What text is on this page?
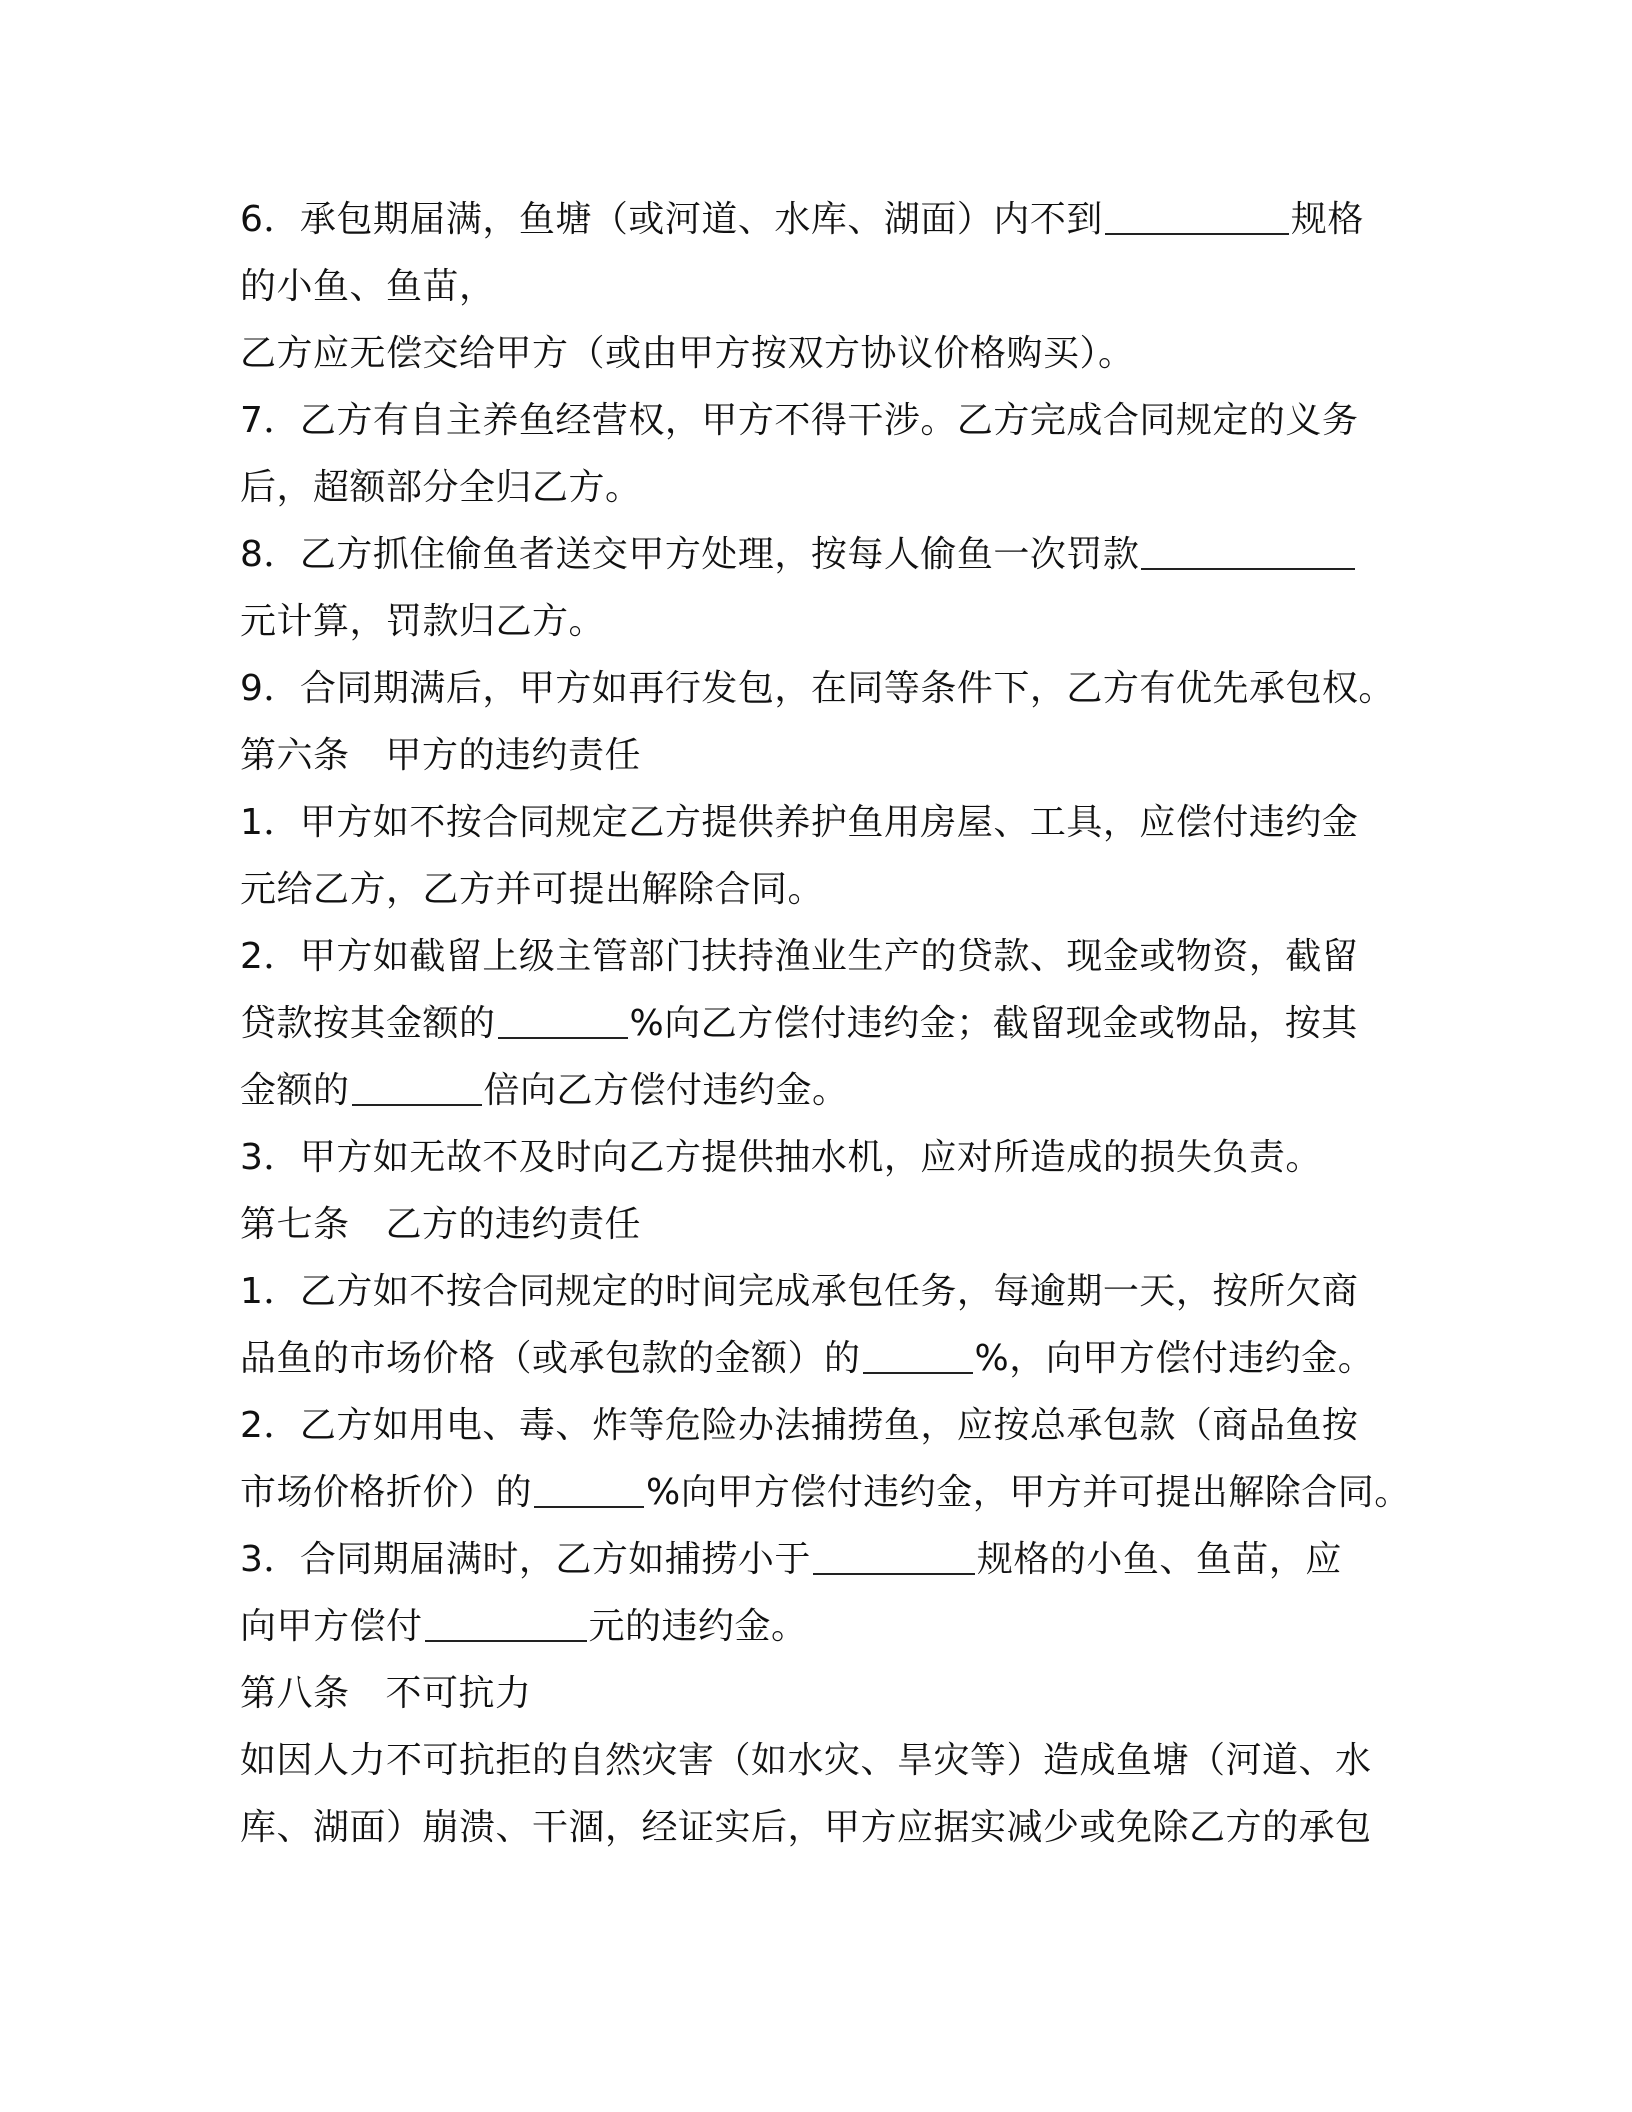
6．承包期届满，鱼塘（或河道、水库、湖面）内不到	规格
的小鱼、鱼苗，
乙方应无偿交给甲方（或由甲方按双方协议价格购买）。
7．乙方有自主养鱼经营权，甲方不得干涉。乙方完成合同规定的义务
后，超额部分全归乙方。
8．乙方抓住偷鱼者送交甲方处理，按每人偷鱼一次罚款
元计算，罚款归乙方。
9．合同期满后，甲方如再行发包，在同等条件下，乙方有优先承包权。
第六条 甲方的违约责任
1．甲方如不按合同规定乙方提供养护鱼用房屋、工具，应偿付违约金
元给乙方，乙方并可提出解除合同。
2．甲方如截留上级主管部门扶持渔业生产的贷款、现金或物资，截留
贷款按其金额的	%向乙方偿付违约金；截留现金或物品，按其
金额的	倍向乙方偿付违约金。
3．甲方如无故不及时向乙方提供抽水机，应对所造成的损失负责。
第七条 乙方的违约责任
1．乙方如不按合同规定的时间完成承包任务，每逾期一天，按所欠商
品鱼的市场价格（或承包款的金额）的	%，向甲方偿付违约金。
2．乙方如用电、毒、炸等危险办法捕捞鱼，应按总承包款（商品鱼按
市场价格折价）的	%向甲方偿付违约金，甲方并可提出解除合同。
3．合同期届满时，乙方如捕捞小于	规格的小鱼、鱼苗，应
向甲方偿付	元的违约金。
第八条 不可抗力
如因人力不可抗拒的自然灾害（如水灾、旱灾等）造成鱼塘（河道、水
库、湖面）崩溃、干涸，经证实后，甲方应据实减少或免除乙方的承包
